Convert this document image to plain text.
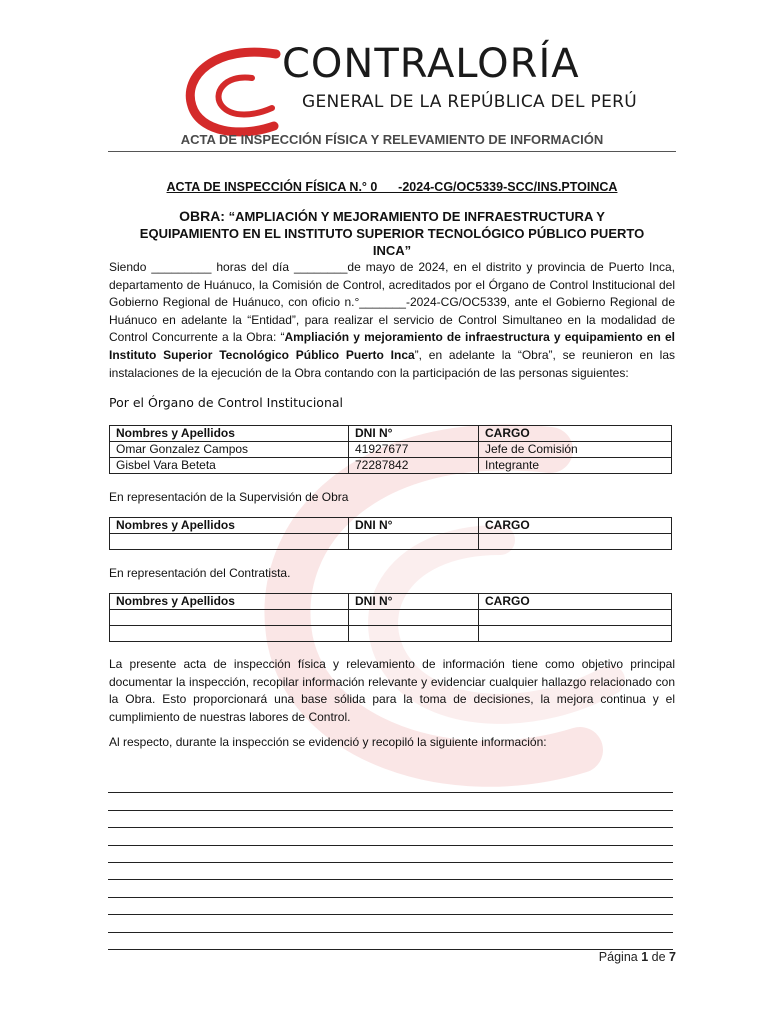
CONTRALORÍA
GENERAL DE LA REPÚBLICA DEL PERÚ
ACTA DE INSPECCIÓN FÍSICA Y RELEVAMIENTO DE INFORMACIÓN
ACTA DE INSPECCIÓN FÍSICA N.° 0      -2024-CG/OC5339-SCC/INS.PTOINCA
OBRA: “AMPLIACIÓN Y MEJORAMIENTO DE INFRAESTRUCTURA Y EQUIPAMIENTO EN EL INSTITUTO SUPERIOR TECNOLÓGICO PÚBLICO PUERTO INCA”
Siendo _________ horas del día ________de mayo de 2024, en el distrito y provincia de Puerto Inca, departamento de Huánuco, la Comisión de Control, acreditados por el Órgano de Control Institucional del Gobierno Regional de Huánuco, con oficio n.°_______-2024-CG/OC5339, ante el Gobierno Regional de Huánuco en adelante la “Entidad”, para realizar el servicio de Control Simultaneo en la modalidad de Control Concurrente a la Obra: “Ampliación y mejoramiento de infraestructura y equipamiento en el Instituto Superior Tecnológico Público Puerto Inca”, en adelante la “Obra”, se reunieron en las instalaciones de la ejecución de la Obra contando con la participación de las personas siguientes:
Por el Órgano de Control Institucional
Nombres y Apellidos	DNI N°	CARGO
Omar Gonzalez Campos	41927677	Jefe de Comisión
Gisbel Vara Beteta	72287842	Integrante
En representación de la Supervisión de Obra
Nombres y Apellidos	DNI N°	CARGO

En representación del Contratista.
Nombres y Apellidos	DNI N°	CARGO

La presente acta de inspección física y relevamiento de información tiene como objetivo principal documentar la inspección, recopilar información relevante y evidenciar cualquier hallazgo relacionado con la Obra. Esto proporcionará una base sólida para la toma de decisiones, la mejora continua y el cumplimiento de nuestras labores de Control.
Al respecto, durante la inspección se evidenció y recopiló la siguiente información:
Página 1 de 7
